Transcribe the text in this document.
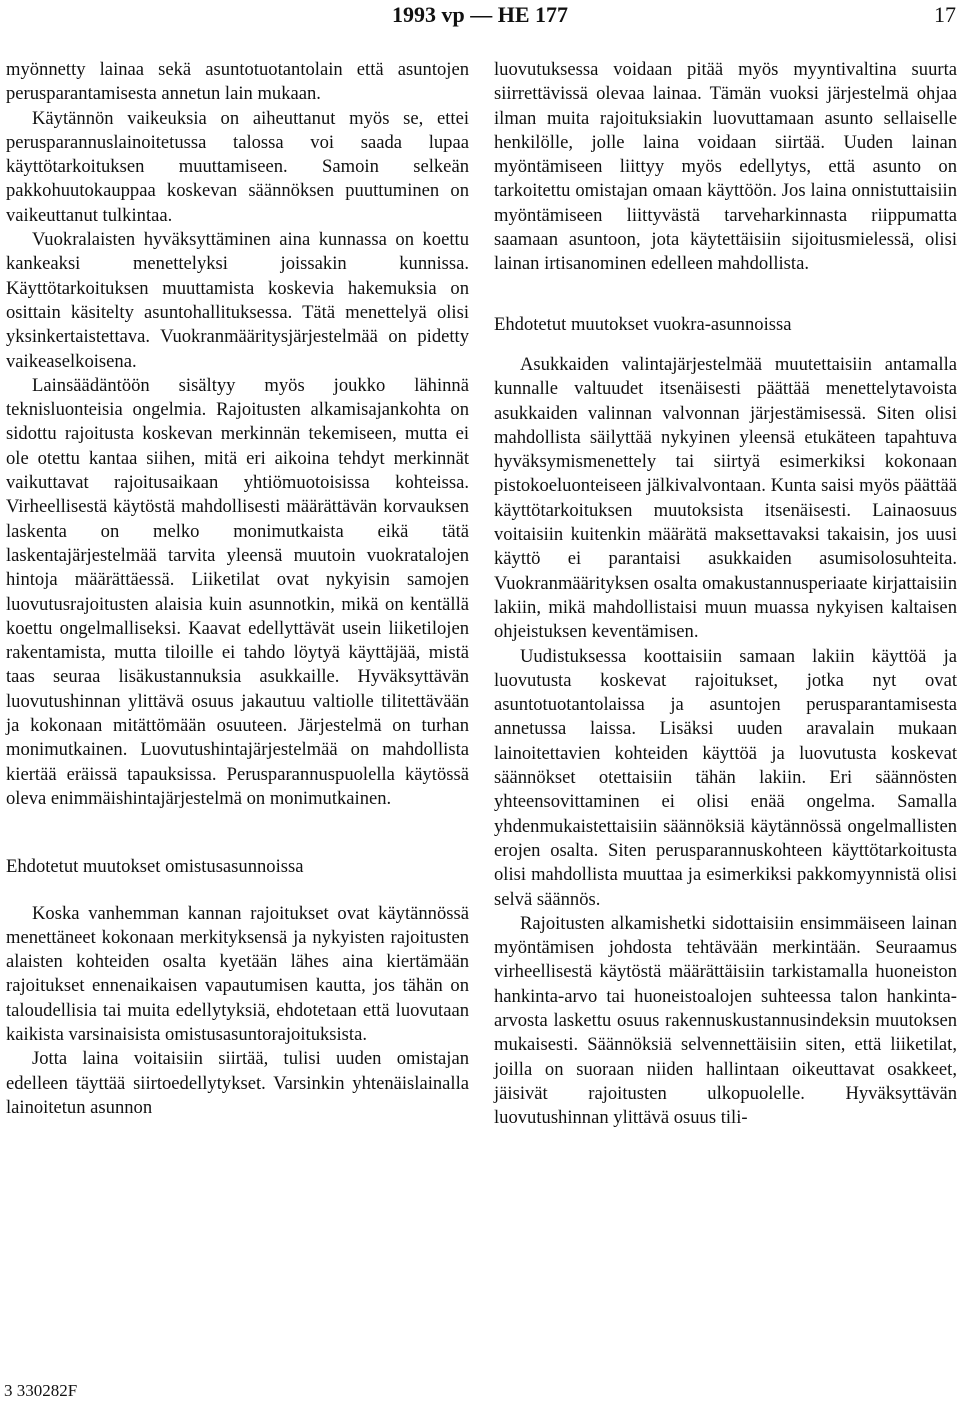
1993 vp — HE 177	17

myönnetty lainaa sekä asuntotuotantolain että asuntojen perusparantamisesta annetun lain mukaan.

Käytännön vaikeuksia on aiheuttanut myös se, ettei perusparannuslainoitetussa talossa voi saada lupaa käyttötarkoituksen muuttamiseen. Samoin selkeän pakkohuutokauppaa koskevan säännöksen puuttuminen on vaikeuttanut tulkintaa.

Vuokralaisten hyväksyttäminen aina kunnassa on koettu kankeaksi menettelyksi joissakin kunnissa. Käyttötarkoituksen muuttamista koskevia hakemuksia on osittain käsitelty asuntohallituksessa. Tätä menettelyä olisi yksinkertaistettava. Vuokranmääritysjärjestelmää on pidetty vaikeaselkoisena.

Lainsäädäntöön sisältyy myös joukko lähinnä teknisluonteisia ongelmia. Rajoitusten alkamisajankohta on sidottu rajoitusta koskevan merkinnän tekemiseen, mutta ei ole otettu kantaa siihen, mitä eri aikoina tehdyt merkinnät vaikuttavat rajoitusaikaan yhtiömuotoisissa kohteissa. Virheellisestä käytöstä mahdollisesti määrättävän korvauksen laskenta on melko monimutkaista eikä tätä laskentajärjestelmää tarvita yleensä muutoin vuokratalojen hintoja määrättäessä. Liiketilat ovat nykyisin samojen luovutusrajoitusten alaisia kuin asunnotkin, mikä on kentällä koettu ongelmalliseksi. Kaavat edellyttävät usein liiketilojen rakentamista, mutta tiloille ei tahdo löytyä käyttäjää, mistä taas seuraa lisäkustannuksia asukkaille. Hyväksyttävän luovutushinnan ylittävä osuus jakautuu valtiolle tilitettävään ja kokonaan mitättömään osuuteen. Järjestelmä on turhan monimutkainen. Luovutushintajärjestelmää on mahdollista kiertää eräissä tapauksissa. Perusparannuspuolella käytössä oleva enimmäishintajärjestelmä on monimutkainen.

Ehdotetut muutokset omistusasunnoissa

Koska vanhemman kannan rajoitukset ovat käytännössä menettäneet kokonaan merkityksensä ja nykyisten rajoitusten alaisten kohteiden osalta kyetään lähes aina kiertämään rajoitukset ennenaikaisen vapautumisen kautta, jos tähän on taloudellisia tai muita edellytyksiä, ehdotetaan että luovutaan kaikista varsinaisista omistusasuntorajoituksista.

Jotta laina voitaisiin siirtää, tulisi uuden omistajan edelleen täyttää siirtoedellytykset. Varsinkin yhtenäislainalla lainoitetun asunnon

luovutuksessa voidaan pitää myös myyntivaltina suurta siirrettävissä olevaa lainaa. Tämän vuoksi järjestelmä ohjaa ilman muita rajoituksiakin luovuttamaan asunto sellaiselle henkilölle, jolle laina voidaan siirtää. Uuden lainan myöntämiseen liittyy myös edellytys, että asunto on tarkoitettu omistajan omaan käyttöön. Jos laina onnistuttaisiin myöntämiseen liittyvästä tarveharkinnasta riippumatta saamaan asuntoon, jota käytettäisiin sijoitusmielessä, olisi lainan irtisanominen edelleen mahdollista.

Ehdotetut muutokset vuokra-asunnoissa

Asukkaiden valintajärjestelmää muutettaisiin antamalla kunnalle valtuudet itsenäisesti päättää menettelytavoista asukkaiden valinnan valvonnan järjestämisessä. Siten olisi mahdollista säilyttää nykyinen yleensä etukäteen tapahtuva hyväksymismenettely tai siirtyä esimerkiksi kokonaan pistokoeluonteiseen jälkivalvontaan. Kunta saisi myös päättää käyttötarkoituksen muutoksista itsenäisesti. Lainaosuus voitaisiin kuitenkin määrätä maksettavaksi takaisin, jos uusi käyttö ei parantaisi asukkaiden asumisolosuhteita. Vuokranmäärityksen osalta omakustannusperiaate kirjattaisiin lakiin, mikä mahdollistaisi muun muassa nykyisen kaltaisen ohjeistuksen keventämisen.

Uudistuksessa koottaisiin samaan lakiin käyttöä ja luovutusta koskevat rajoitukset, jotka nyt ovat asuntotuotantolaissa ja asuntojen perusparantamisesta annetussa laissa. Lisäksi uuden aravalain mukaan lainoitettavien kohteiden käyttöä ja luovutusta koskevat säännökset otettaisiin tähän lakiin. Eri säännösten yhteensovittaminen ei olisi enää ongelma. Samalla yhdenmukaistettaisiin säännöksiä käytännössä ongelmallisten erojen osalta. Siten perusparannuskohteen käyttötarkoitusta olisi mahdollista muuttaa ja esimerkiksi pakkomyynnistä olisi selvä säännös.

Rajoitusten alkamishetki sidottaisiin ensimmäiseen lainan myöntämisen johdosta tehtävään merkintään. Seuraamus virheellisestä käytöstä määrättäisiin tarkistamalla huoneiston hankinta-arvo tai huoneistoalojen suhteessa talon hankinta-arvosta laskettu osuus rakennuskustannusindeksin muutoksen mukaisesti. Säännöksiä selvennettäisiin siten, että liiketilat, joilla on suoraan niiden hallintaan oikeuttavat osakkeet, jäisivät rajoitusten ulkopuolelle. Hyväksyttävän luovutushinnan ylittävä osuus tili-

3 330282F
